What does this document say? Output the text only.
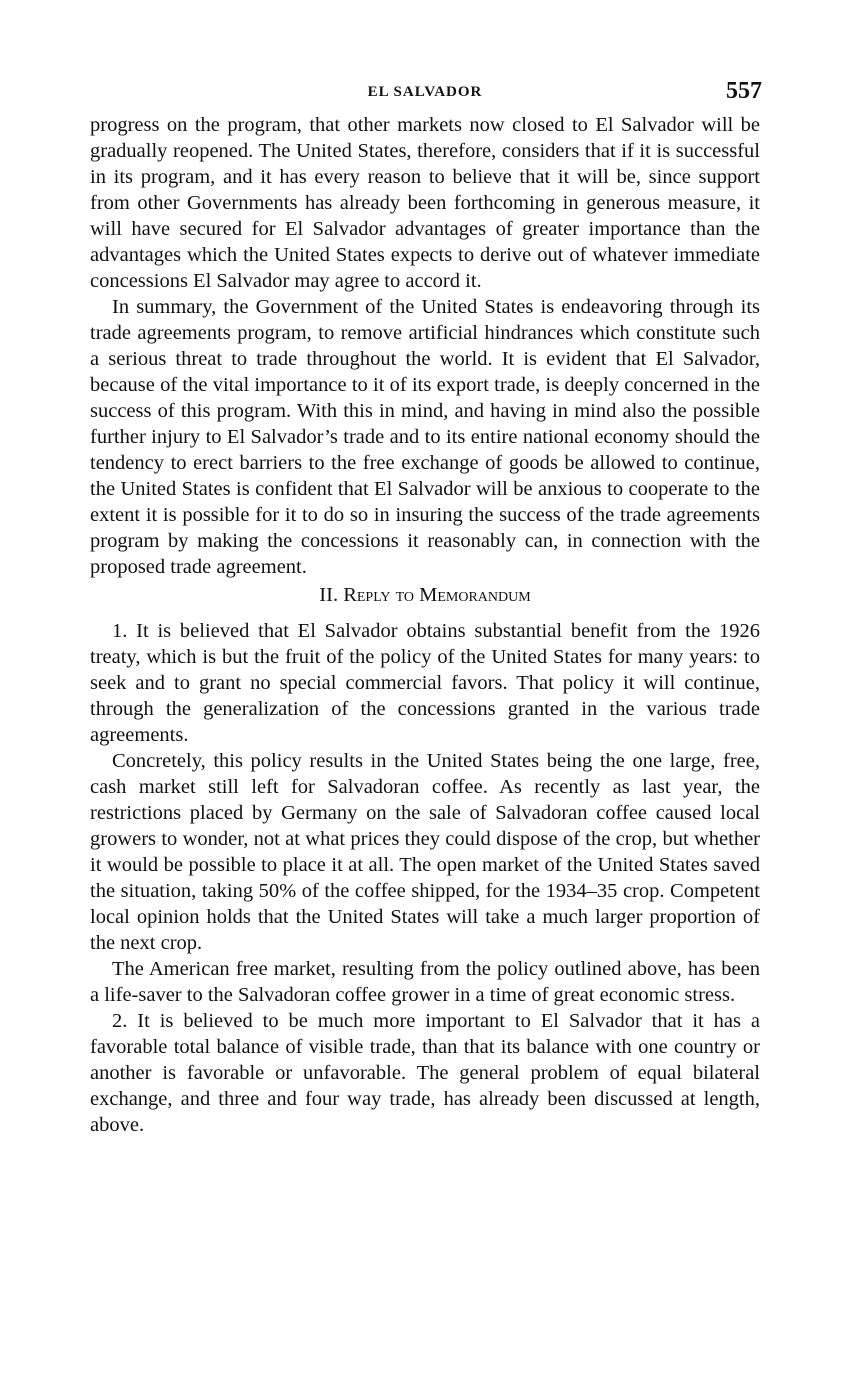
EL SALVADOR	557

progress on the program, that other markets now closed to El Salvador will be gradually reopened. The United States, therefore, considers that if it is successful in its program, and it has every reason to believe that it will be, since support from other Governments has already been forthcoming in generous measure, it will have secured for El Salvador advantages of greater importance than the advantages which the United States expects to derive out of whatever immediate concessions El Salvador may agree to accord it.

In summary, the Government of the United States is endeavoring through its trade agreements program, to remove artificial hindrances which constitute such a serious threat to trade throughout the world. It is evident that El Salvador, because of the vital importance to it of its export trade, is deeply concerned in the success of this program. With this in mind, and having in mind also the possible further injury to El Salvador’s trade and to its entire national economy should the tendency to erect barriers to the free exchange of goods be allowed to continue, the United States is confident that El Salvador will be anxious to cooperate to the extent it is possible for it to do so in insuring the success of the trade agreements program by making the concessions it reasonably can, in connection with the proposed trade agreement.

II. Reply to Memorandum

1. It is believed that El Salvador obtains substantial benefit from the 1926 treaty, which is but the fruit of the policy of the United States for many years: to seek and to grant no special commercial favors. That policy it will continue, through the generalization of the concessions granted in the various trade agreements.

Concretely, this policy results in the United States being the one large, free, cash market still left for Salvadoran coffee. As recently as last year, the restrictions placed by Germany on the sale of Salvadoran coffee caused local growers to wonder, not at what prices they could dispose of the crop, but whether it would be possible to place it at all. The open market of the United States saved the situation, taking 50% of the coffee shipped, for the 1934–35 crop. Competent local opinion holds that the United States will take a much larger proportion of the next crop.

The American free market, resulting from the policy outlined above, has been a life-saver to the Salvadoran coffee grower in a time of great economic stress.

2. It is believed to be much more important to El Salvador that it has a favorable total balance of visible trade, than that its balance with one country or another is favorable or unfavorable. The general problem of equal bilateral exchange, and three and four way trade, has already been discussed at length, above.
